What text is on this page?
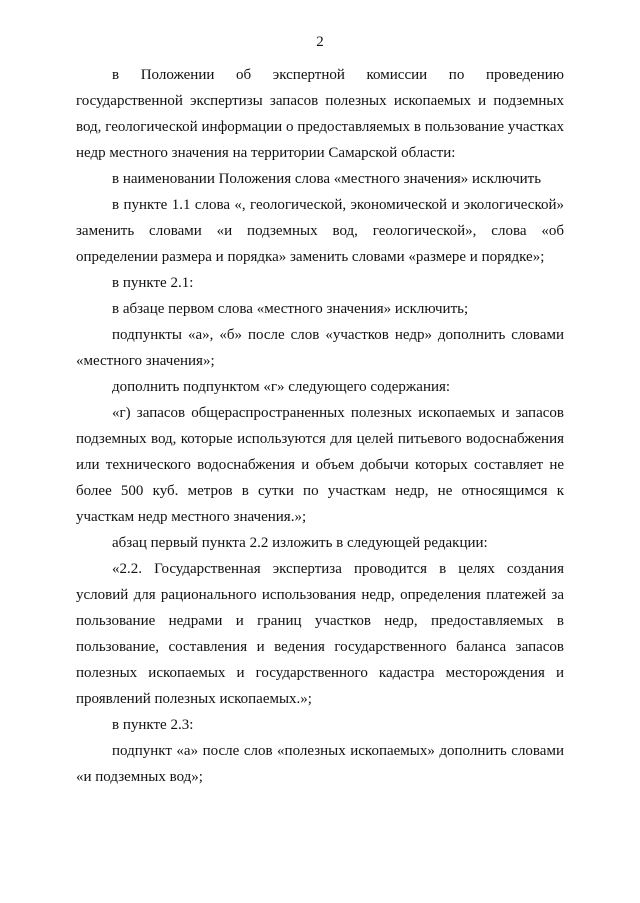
2

в Положении об экспертной комиссии по проведению государственной экспертизы запасов полезных ископаемых и подземных вод, геологической информации о предоставляемых в пользование участках недр местного значения на территории Самарской области:

в наименовании Положения слова «местного значения» исключить

в пункте 1.1 слова «, геологической, экономической и экологической» заменить словами «и подземных вод, геологической», слова «об определении размера и порядка» заменить словами «размере и порядке»;

в пункте 2.1:

в абзаце первом слова «местного значения» исключить;

подпункты «а», «б» после слов «участков недр» дополнить словами «местного значения»;

дополнить подпунктом «г» следующего содержания:

«г) запасов общераспространенных полезных ископаемых и запасов подземных вод, которые используются для целей питьевого водоснабжения или технического водоснабжения и объем добычи которых составляет не более 500 куб. метров в сутки по участкам недр, не относящимся к участкам недр местного значения.»;

абзац первый пункта 2.2 изложить в следующей редакции:

«2.2. Государственная экспертиза проводится в целях создания условий для рационального использования недр, определения платежей за пользование недрами и границ участков недр, предоставляемых в пользование, составления и ведения государственного баланса запасов полезных ископаемых и государственного кадастра месторождения и проявлений полезных ископаемых.»;

в пункте 2.3:

подпункт «а» после слов «полезных ископаемых» дополнить словами «и подземных вод»;
